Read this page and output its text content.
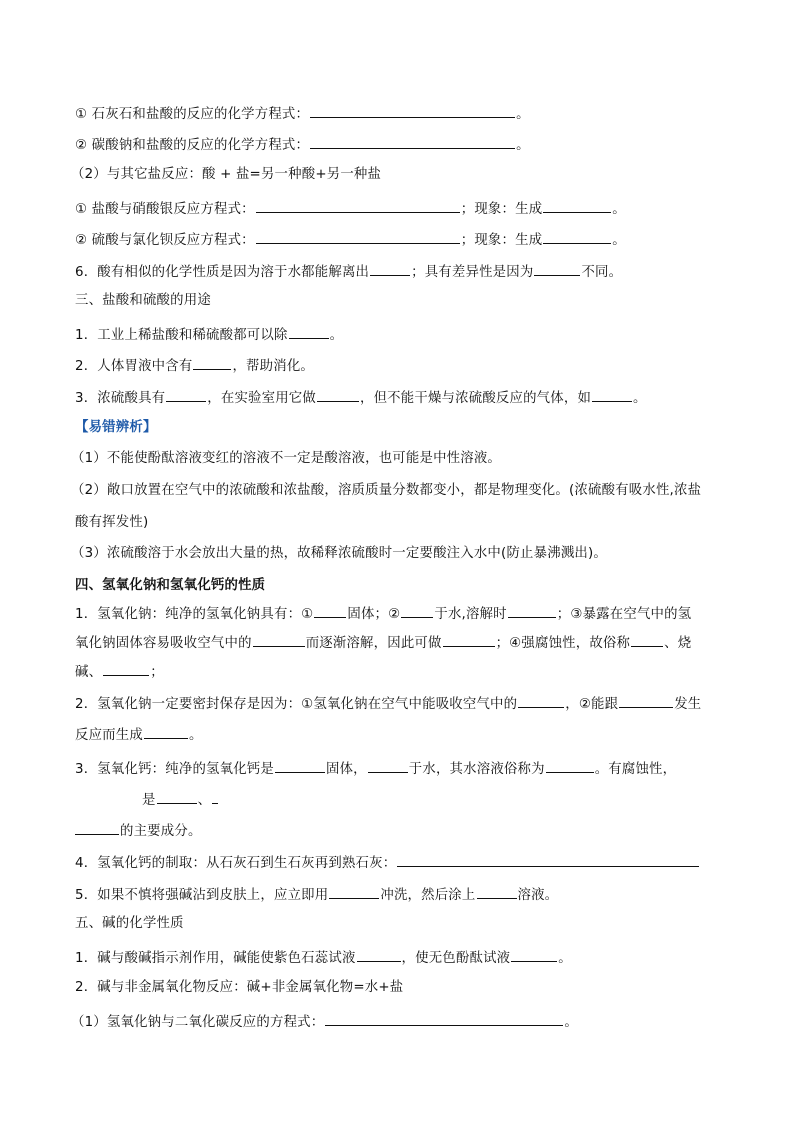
① 石灰石和盐酸的反应的化学方程式：	。
② 碳酸钠和盐酸的反应的化学方程式：	。
（2）与其它盐反应：酸 + 盐=另一种酸+另一种盐
① 盐酸与硝酸银反应方程式：	；现象：生成	。
② 硫酸与氯化钡反应方程式：	；现象：生成	。
6．酸有相似的化学性质是因为溶于水都能解离出	；具有差异性是因为	不同。
三、盐酸和硫酸的用途
1．工业上稀盐酸和稀硫酸都可以除	。
2．人体胃液中含有	，帮助消化。
3．浓硫酸具有	，在实验室用它做	，但不能干燥与浓硫酸反应的气体，如	。
【易错辨析】
（1）不能使酚酞溶液变红的溶液不一定是酸溶液，也可能是中性溶液。
（2）敞口放置在空气中的浓硫酸和浓盐酸，溶质质量分数都变小，都是物理变化。(浓硫酸有吸水性,浓盐
酸有挥发性)
（3）浓硫酸溶于水会放出大量的热，故稀释浓硫酸时一定要酸注入水中(防止暴沸溅出)。
四、氢氧化钠和氢氧化钙的性质
1．氢氧化钠：纯净的氢氧化钠具有：①	固体；②	于水,溶解时	；③暴露在空气中的氢
氧化钠固体容易吸收空气中的	而逐渐溶解，因此可做	；④强腐蚀性，故俗称	、烧
碱、	；
2．氢氧化钠一定要密封保存是因为：①氢氧化钠在空气中能吸收空气中的	，②能跟	发生
反应而生成	。
3．氢氧化钙：纯净的氢氧化钙是	固体，	于水，其水溶液俗称为	。有腐蚀性，
是	、
的主要成分。
4．氢氧化钙的制取：从石灰石到生石灰再到熟石灰：
5．如果不慎将强碱沾到皮肤上，应立即用	冲洗，然后涂上	溶液。
五、碱的化学性质
1．碱与酸碱指示剂作用，碱能使紫色石蕊试液	，使无色酚酞试液	。
2．碱与非金属氧化物反应：碱+非金属氧化物=水+盐
（1）氢氧化钠与二氧化碳反应的方程式：	。
